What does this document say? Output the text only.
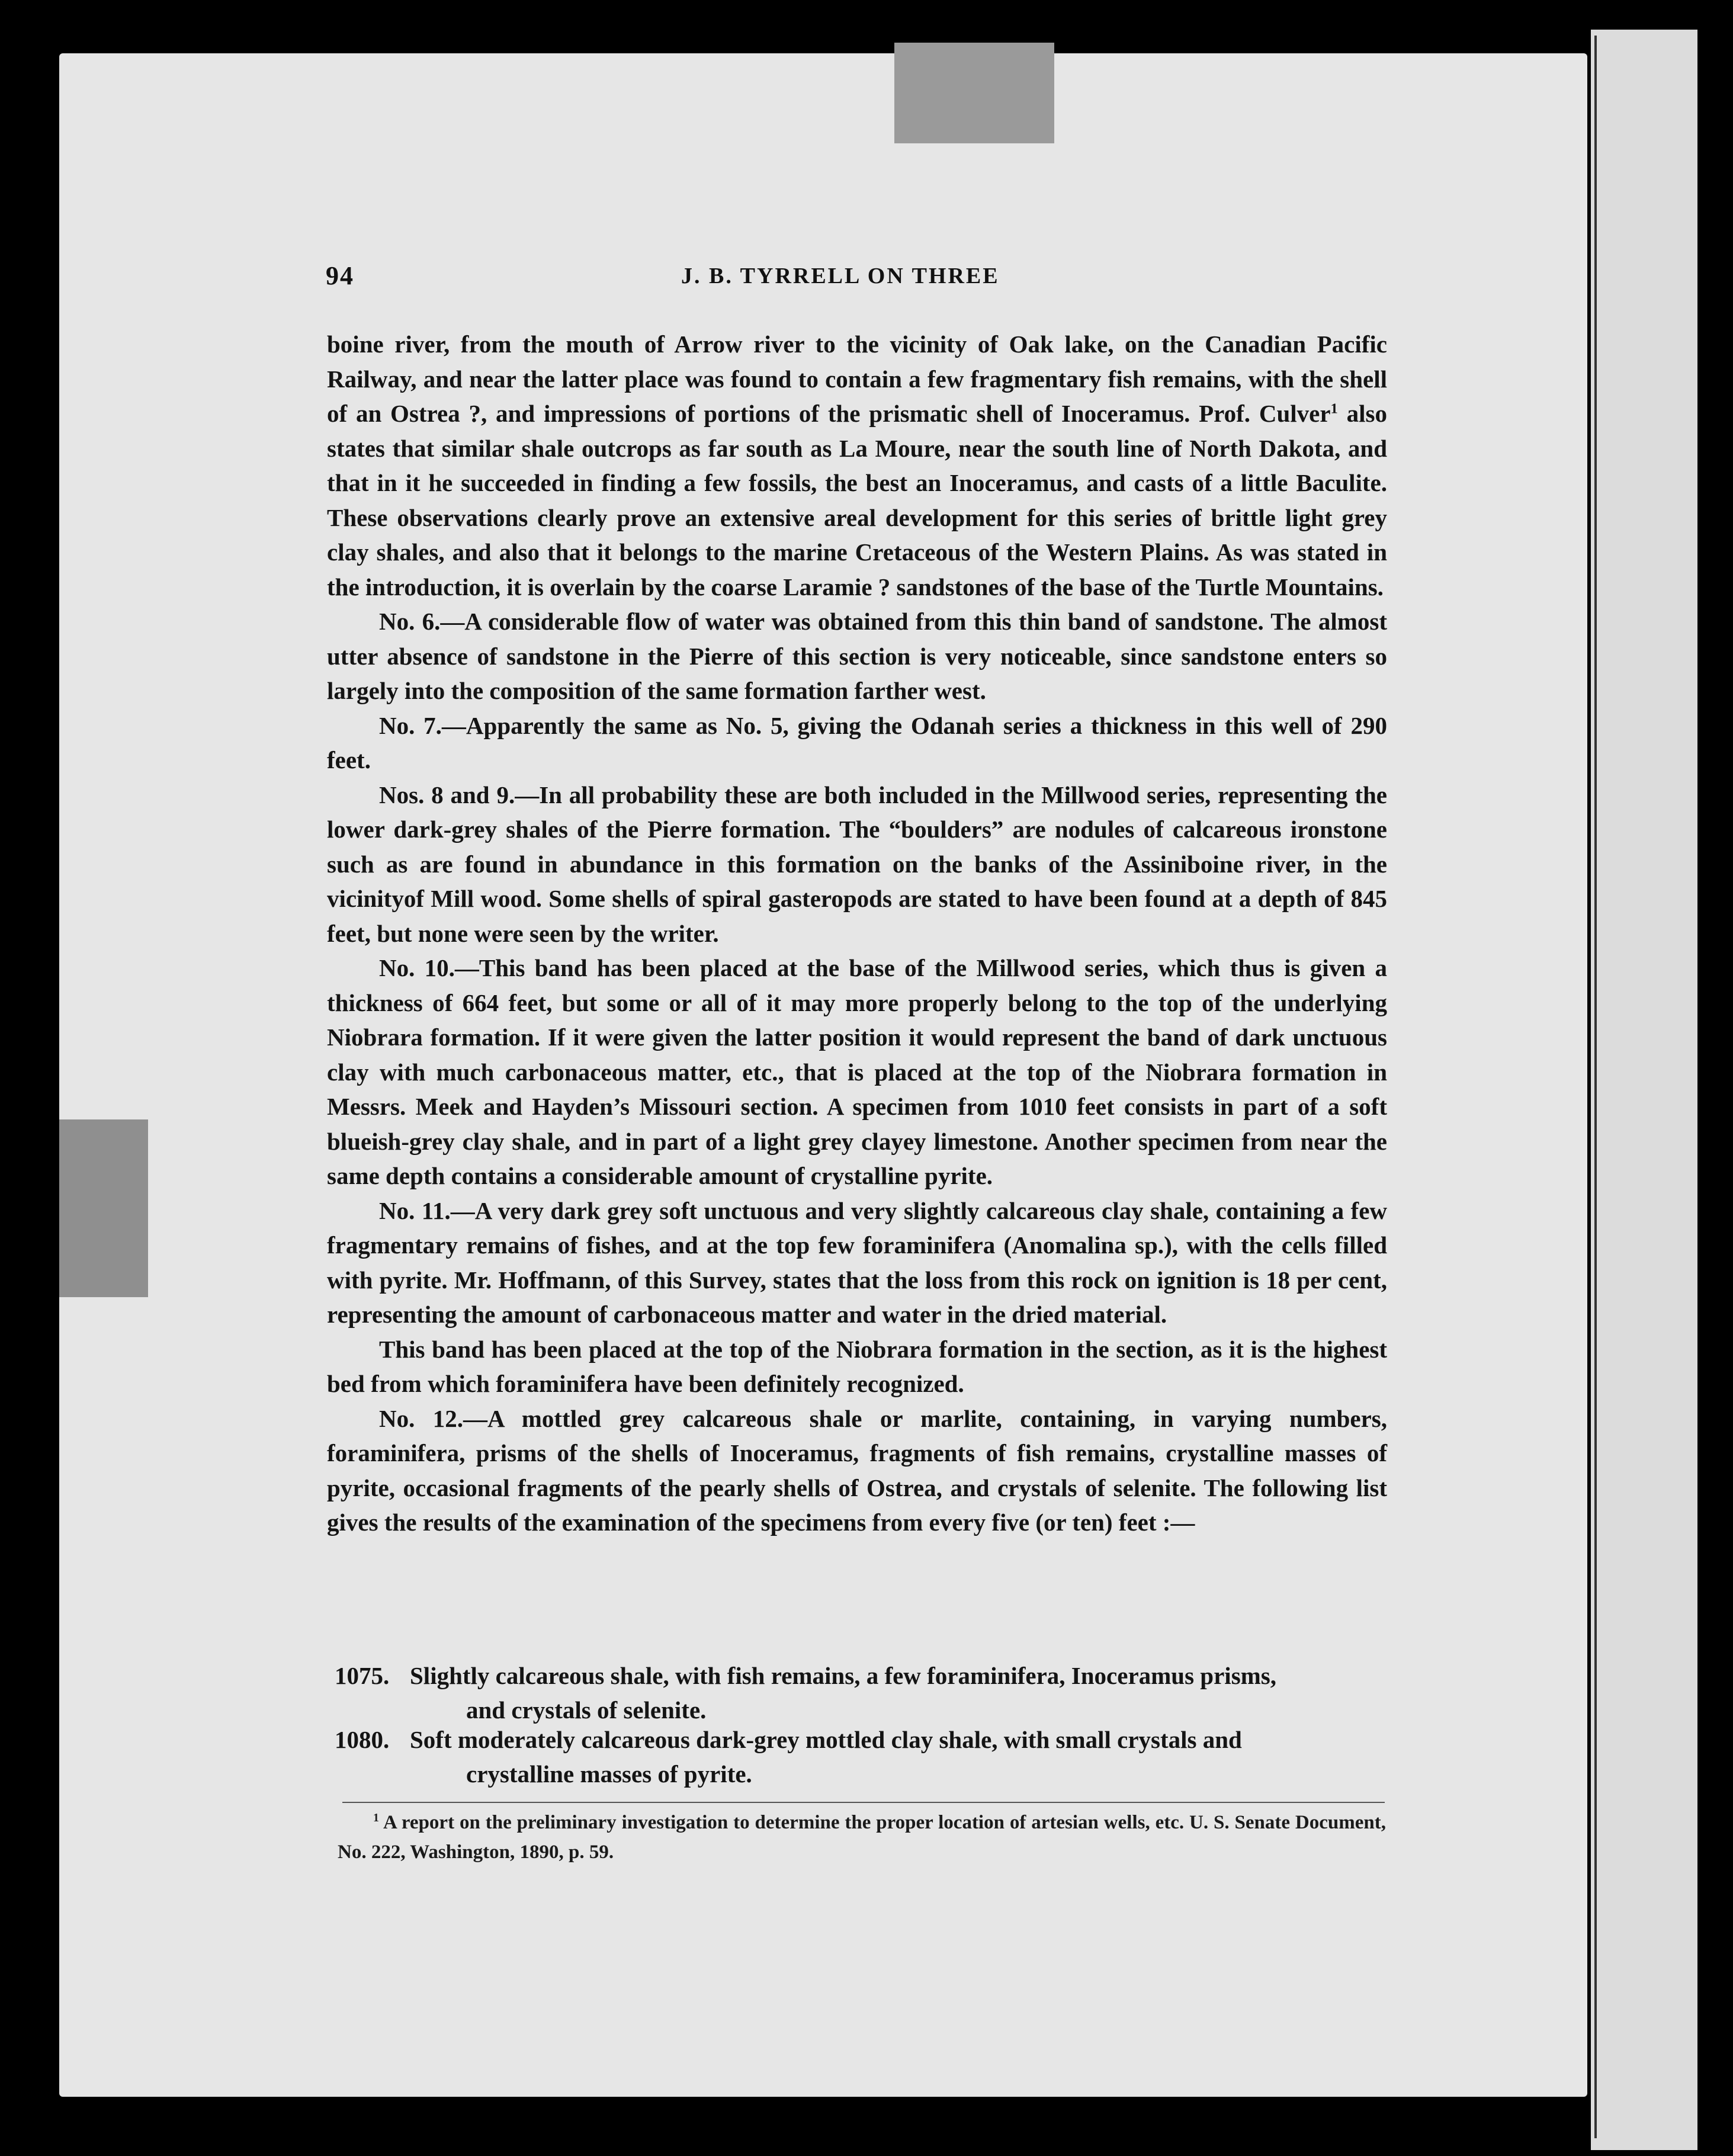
94	J. B. TYRRELL ON THREE

boine river, from the mouth of Arrow river to the vicinity of Oak lake, on the Canadian Pacific Railway, and near the latter place was found to contain a few fragmentary fish remains, with the shell of an Ostrea ?, and impressions of portions of the prismatic shell of Inoceramus. Prof. Culver$^1$ also states that similar shale outcrops as far south as La Moure, near the south line of North Dakota, and that in it he succeeded in finding a few fossils, the best an Inoceramus, and casts of a little Baculite. These observations clearly prove an extensive areal development for this series of brittle light grey clay shales, and also that it belongs to the marine Cretaceous of the Western Plains. As was stated in the introduction, it is overlain by the coarse Laramie ? sandstones of the base of the Turtle Mountains.

No. 6.—A considerable flow of water was obtained from this thin band of sandstone. The almost utter absence of sandstone in the Pierre of this section is very noticeable, since sandstone enters so largely into the composition of the same formation farther west.

No. 7.—Apparently the same as No. 5, giving the Odanah series a thickness in this well of 290 feet.

Nos. 8 and 9.—In all probability these are both included in the Millwood series, representing the lower dark-grey shales of the Pierre formation. The “boulders” are nodules of calcareous ironstone such as are found in abundance in this formation on the banks of the Assiniboine river, in the vicinityof Mill wood. Some shells of spiral gasteropods are stated to have been found at a depth of 845 feet, but none were seen by the writer.

No. 10.—This band has been placed at the base of the Millwood series, which thus is given a thickness of 664 feet, but some or all of it may more properly belong to the top of the underlying Niobrara formation. If it were given the latter position it would represent the band of dark unctuous clay with much carbonaceous matter, etc., that is placed at the top of the Niobrara formation in Messrs. Meek and Hayden’s Missouri section. A specimen from 1010 feet consists in part of a soft blueish-grey clay shale, and in part of a light grey clayey limestone. Another specimen from near the same depth contains a considerable amount of crystalline pyrite.

No. 11.—A very dark grey soft unctuous and very slightly calcareous clay shale, containing a few fragmentary remains of fishes, and at the top few foraminifera (Anomalina sp.), with the cells filled with pyrite. Mr. Hoffmann, of this Survey, states that the loss from this rock on ignition is 18 per cent, representing the amount of carbonaceous matter and water in the dried material.

This band has been placed at the top of the Niobrara formation in the section, as it is the highest bed from which foraminifera have been definitely recognized.

No. 12.—A mottled grey calcareous shale or marlite, containing, in varying numbers, foraminifera, prisms of the shells of Inoceramus, fragments of fish remains, crystalline masses of pyrite, occasional fragments of the pearly shells of Ostrea, and crystals of selenite. The following list gives the results of the examination of the specimens from every five (or ten) feet :—

1075. Slightly calcareous shale, with fish remains, a few foraminifera, Inoceramus prisms,
and crystals of selenite.
1080. Soft moderately calcareous dark-grey mottled clay shale, with small crystals and
crystalline masses of pyrite.
$^1$ A report on the preliminary investigation to determine the proper location of artesian wells, etc. U. S. Senate Document, No. 222, Washington, 1890, p. 59.
